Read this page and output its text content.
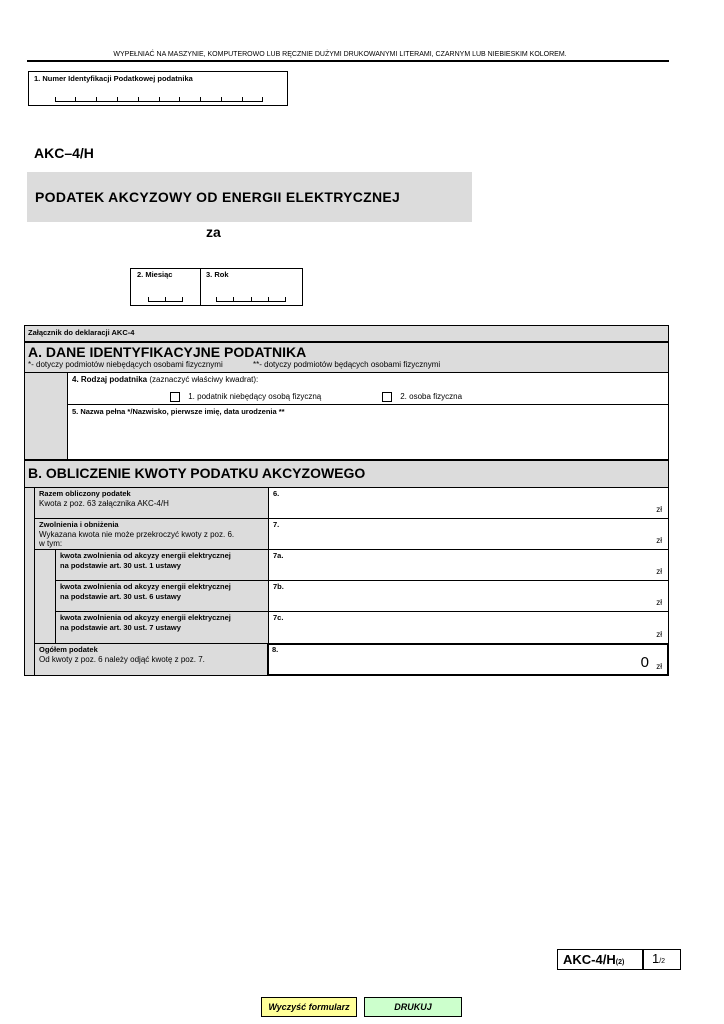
WYPEŁNIAĆ NA MASZYNIE, KOMPUTEROWO LUB RĘCZNIE DUŻYMI DRUKOWANYMI LITERAMI, CZARNYM LUB NIEBIESKIM KOLOREM.
1. Numer Identyfikacji Podatkowej podatnika
AKC–4/H
PODATEK AKCYZOWY OD ENERGII ELEKTRYCZNEJ
za
2. Miesiąc	3. Rok
Załącznik do deklaracji AKC-4
A. DANE IDENTYFIKACYJNE PODATNIKA
*- dotyczy podmiotów niebędących osobami fizycznymi	**- dotyczy podmiotów będących osobami fizycznymi
4. Rodzaj podatnika (zaznaczyć właściwy kwadrat):
1. podatnik niebędący osobą fizyczną	2. osoba fizyczna
5. Nazwa pełna */Nazwisko, pierwsze imię, data urodzenia **
B. OBLICZENIE KWOTY PODATKU AKCYZOWEGO
Razem obliczony podatek
Kwota z poz. 63 załącznika AKC-4/H
6.
zł
Zwolnienia i obniżenia
Wykazana kwota nie może przekroczyć kwoty z poz. 6.
w tym:
7.
zł
kwota zwolnienia od akcyzy energii elektrycznej
na podstawie art. 30 ust. 1 ustawy
7a.
zł
kwota zwolnienia od akcyzy energii elektrycznej
na podstawie art. 30 ust. 6 ustawy
7b.
zł
kwota zwolnienia od akcyzy energii elektrycznej
na podstawie art. 30 ust. 7 ustawy
7c.
zł
Ogółem podatek
Od kwoty z poz. 6 należy odjąć kwotę z poz. 7.
8.
0 zł
AKC-4/H(2) 1/2
Wyczyść formularz	DRUKUJ
